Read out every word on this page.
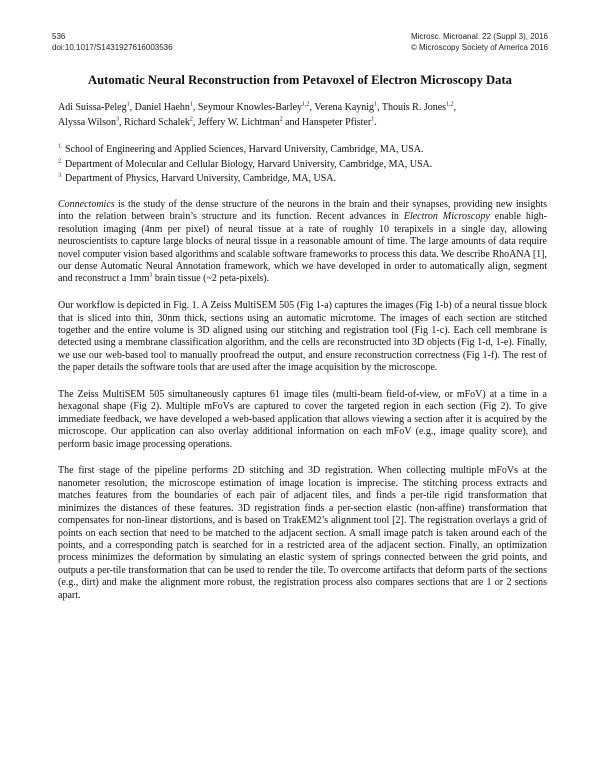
536
doi:10.1017/S1431927616003536
Microsc. Microanal. 22 (Suppl 3), 2016
© Microscopy Society of America 2016
Automatic Neural Reconstruction from Petavoxel of Electron Microscopy Data
Adi Suissa-Peleg$^1$, Daniel Haehn$^1$, Seymour Knowles-Barley$^{1,2}$, Verena Kaynig$^1$, Thouis R. Jones$^{1,2}$,
Alyssa Wilson$^3$, Richard Schalek$^2$, Jeffery W. Lichtman$^2$ and Hanspeter Pfister$^1$.
$^{1.}$ School of Engineering and Applied Sciences, Harvard University, Cambridge, MA, USA.
$^{2.}$ Department of Molecular and Cellular Biology, Harvard University, Cambridge, MA, USA.
$^{3.}$ Department of Physics, Harvard University, Cambridge, MA, USA.

Connectomics is the study of the dense structure of the neurons in the brain and their synapses, providing new insights into the relation between brain’s structure and its function. Recent advances in Electron Microscopy enable high-resolution imaging (4nm per pixel) of neural tissue at a rate of roughly 10 terapixels in a single day, allowing neuroscientists to capture large blocks of neural tissue in a reasonable amount of time. The large amounts of data require novel computer vision based algorithms and scalable software frameworks to process this data. We describe RhoANA [1], our dense Automatic Neural Annotation framework, which we have developed in order to automatically align, segment and reconstruct a $1mm^3$ brain tissue (~2 peta-pixels).

Our workflow is depicted in Fig. 1. A Zeiss MultiSEM 505 (Fig 1-a) captures the images (Fig 1-b) of a neural tissue block that is sliced into thin, 30nm thick, sections using an automatic microtome. The images of each section are stitched together and the entire volume is 3D aligned using our stitching and registration tool (Fig 1-c). Each cell membrane is detected using a membrane classification algorithm, and the cells are reconstructed into 3D objects (Fig 1-d, 1-e). Finally, we use our web-based tool to manually proofread the output, and ensure reconstruction correctness (Fig 1-f). The rest of the paper details the software tools that are used after the image acquisition by the microscope.

The Zeiss MultiSEM 505 simultaneously captures 61 image tiles (multi-beam field-of-view, or mFoV) at a time in a hexagonal shape (Fig 2). Multiple mFoVs are captured to cover the targeted region in each section (Fig 2). To give immediate feedback, we have developed a web-based application that allows viewing a section after it is acquired by the microscope. Our application can also overlay additional information on each mFoV (e.g., image quality score), and perform basic image processing operations.

The first stage of the pipeline performs 2D stitching and 3D registration. When collecting multiple mFoVs at the nanometer resolution, the microscope estimation of image location is imprecise. The stitching process extracts and matches features from the boundaries of each pair of adjacent tiles, and finds a per-tile rigid transformation that minimizes the distances of these features. 3D registration finds a per-section elastic (non-affine) transformation that compensates for non-linear distortions, and is based on TrakEM2’s alignment tool [2]. The registration overlays a grid of points on each section that need to be matched to the adjacent section. A small image patch is taken around each of the points, and a corresponding patch is searched for in a restricted area of the adjacent section. Finally, an optimization process minimizes the deformation by simulating an elastic system of springs connected between the grid points, and outputs a per-tile transformation that can be used to render the tile. To overcome artifacts that deform parts of the sections (e.g., dirt) and make the alignment more robust, the registration process also compares sections that are 1 or 2 sections apart.
